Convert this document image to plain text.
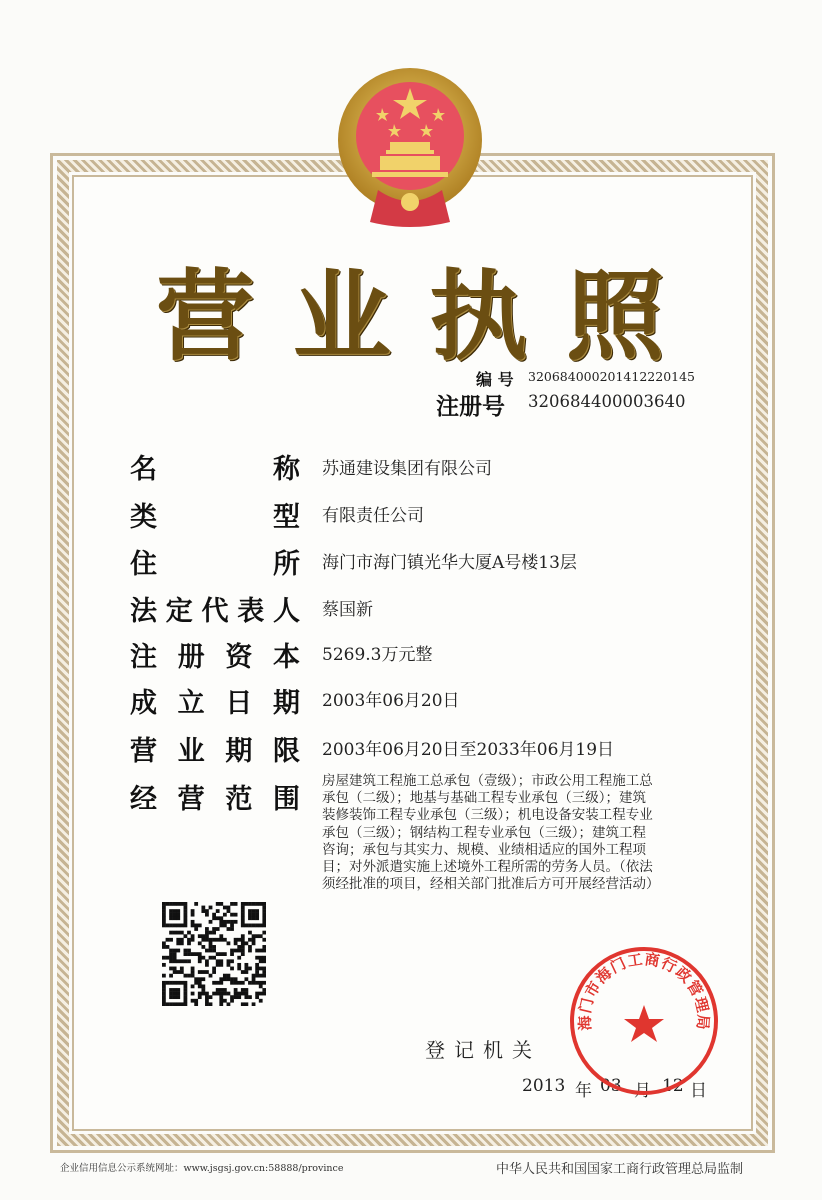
营 业 执 照
编 号 320684000201412220145
注册号 320684400003640
名	称 苏通建设集团有限公司
类	型 有限责任公司
住	所 海门市海门镇光华大厦A号楼13层
法 定 代 表 人 蔡国新
注 册 资 本 5269.3万元整
成 立 日 期 2003年06月20日
营 业 期 限 2003年06月20日至2033年06月19日
经 营 范 围
房屋建筑工程施工总承包（壹级）；市政公用工程施工总
承包（二级）；地基与基础工程专业承包（三级）；建筑
装修装饰工程专业承包（三级）；机电设备安装工程专业
承包（三级）；钢结构工程专业承包（三级）；建筑工程
咨询；承包与其实力、规模、业绩相适应的国外工程项
目；对外派遣实施上述境外工程所需的劳务人员。（依法
须经批准的项目，经相关部门批准后方可开展经营活动）
登记机关
2013 年 03 月 12 日
海门市海门工商行政管理局
企业信用信息公示系统网址：www.jsgsj.gov.cn:58888/province	中华人民共和国国家工商行政管理总局监制
